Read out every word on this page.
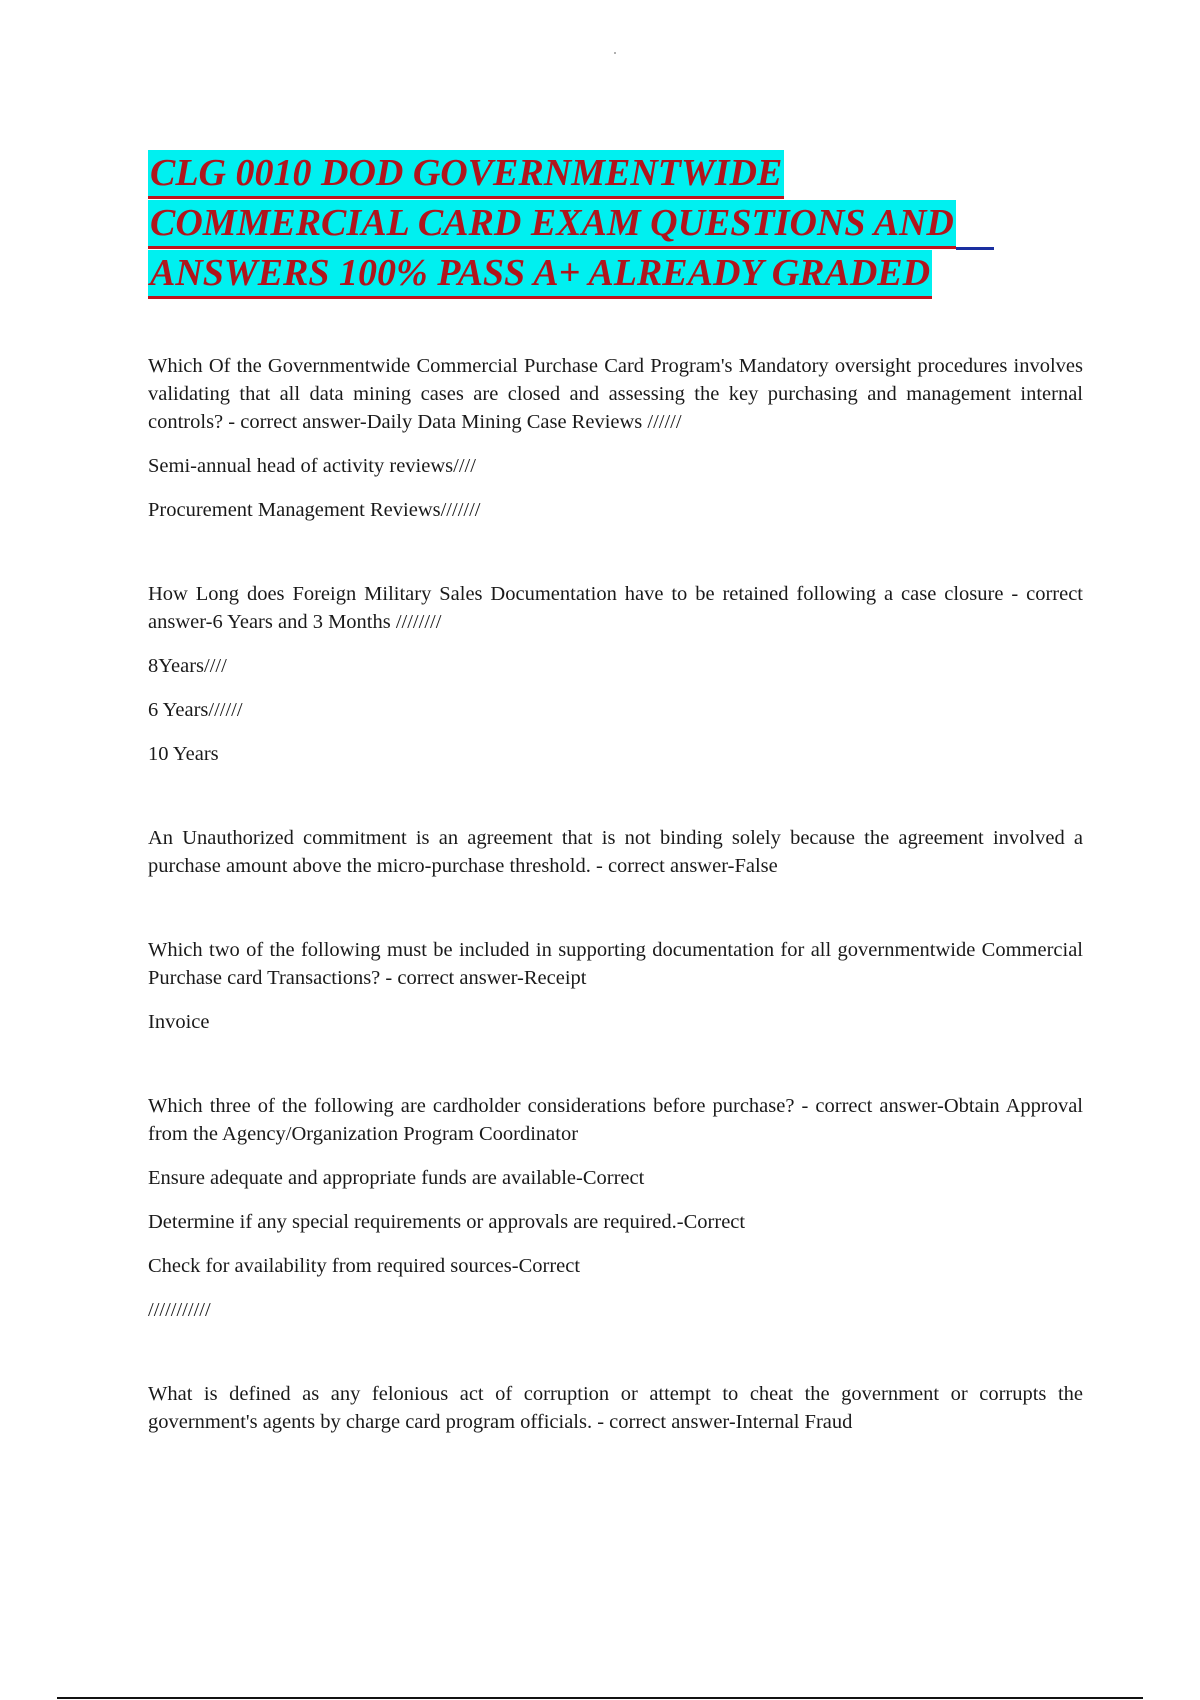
CLG 0010 DOD GOVERNMENTWIDE
COMMERCIAL CARD EXAM QUESTIONS AND
ANSWERS 100% PASS A+ ALREADY GRADED

Which Of the Governmentwide Commercial Purchase Card Program's Mandatory oversight procedures involves validating that all data mining cases are closed and assessing the key purchasing and management internal controls? - correct answer-Daily Data Mining Case Reviews //////

Semi-annual head of activity reviews////

Procurement Management Reviews///////

How Long does Foreign Military Sales Documentation have to be retained following a case closure - correct answer-6 Years and 3 Months ////////

8Years////

6 Years//////

10 Years

An Unauthorized commitment is an agreement that is not binding solely because the agreement involved a purchase amount above the micro-purchase threshold. - correct answer-False

Which two of the following must be included in supporting documentation for all governmentwide Commercial Purchase card Transactions? - correct answer-Receipt

Invoice

Which three of the following are cardholder considerations before purchase? - correct answer-Obtain Approval from the Agency/Organization Program Coordinator

Ensure adequate and appropriate funds are available-Correct

Determine if any special requirements or approvals are required.-Correct

Check for availability from required sources-Correct

///////////

What is defined as any felonious act of corruption or attempt to cheat the government or corrupts the government's agents by charge card program officials. - correct answer-Internal Fraud
